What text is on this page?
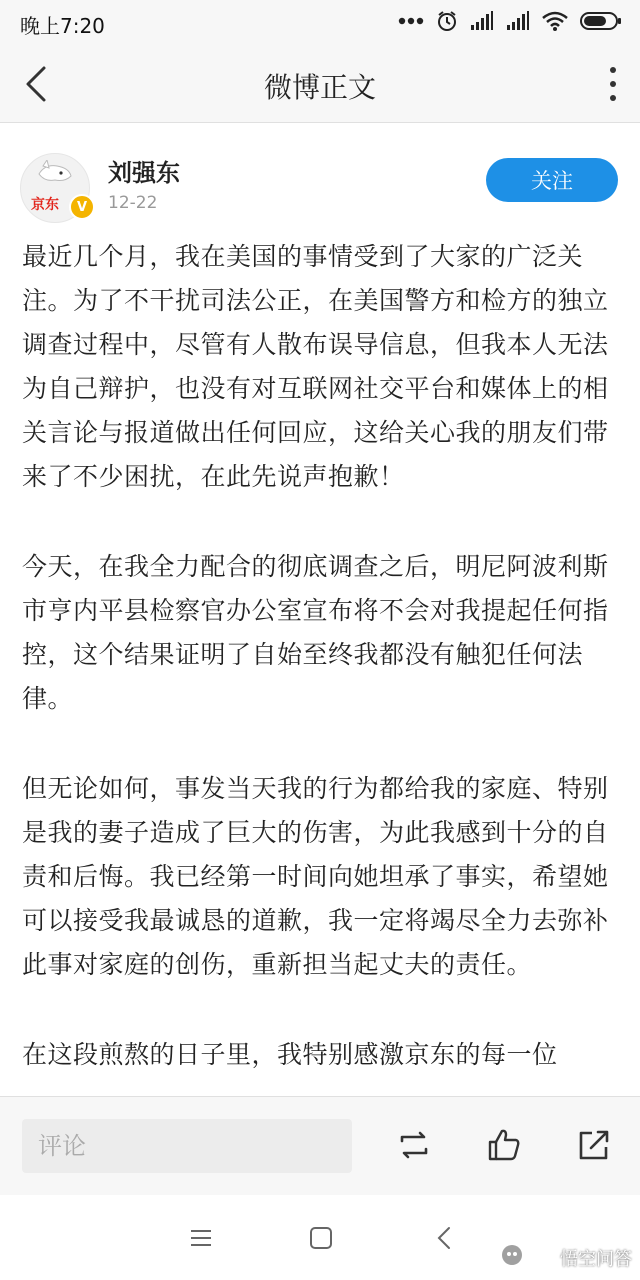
晚上7:20
微博正文
京东	V
刘强东
12-22
关注

最近几个月，我在美国的事情受到了大家的广泛关注。为了不干扰司法公正，在美国警方和检方的独立调查过程中，尽管有人散布误导信息，但我本人无法为自己辩护，也没有对互联网社交平台和媒体上的相关言论与报道做出任何回应，这给关心我的朋友们带来了不少困扰，在此先说声抱歉！

今天，在我全力配合的彻底调查之后，明尼阿波利斯市亨内平县检察官办公室宣布将不会对我提起任何指控，这个结果证明了自始至终我都没有触犯任何法律。

但无论如何，事发当天我的行为都给我的家庭、特别是我的妻子造成了巨大的伤害，为此我感到十分的自责和后悔。我已经第一时间向她坦承了事实，希望她可以接受我最诚恳的道歉，我一定将竭尽全力去弥补此事对家庭的创伤，重新担当起丈夫的责任。

在这段煎熬的日子里，我特别感激京东的每一位

评论
悟空问答
